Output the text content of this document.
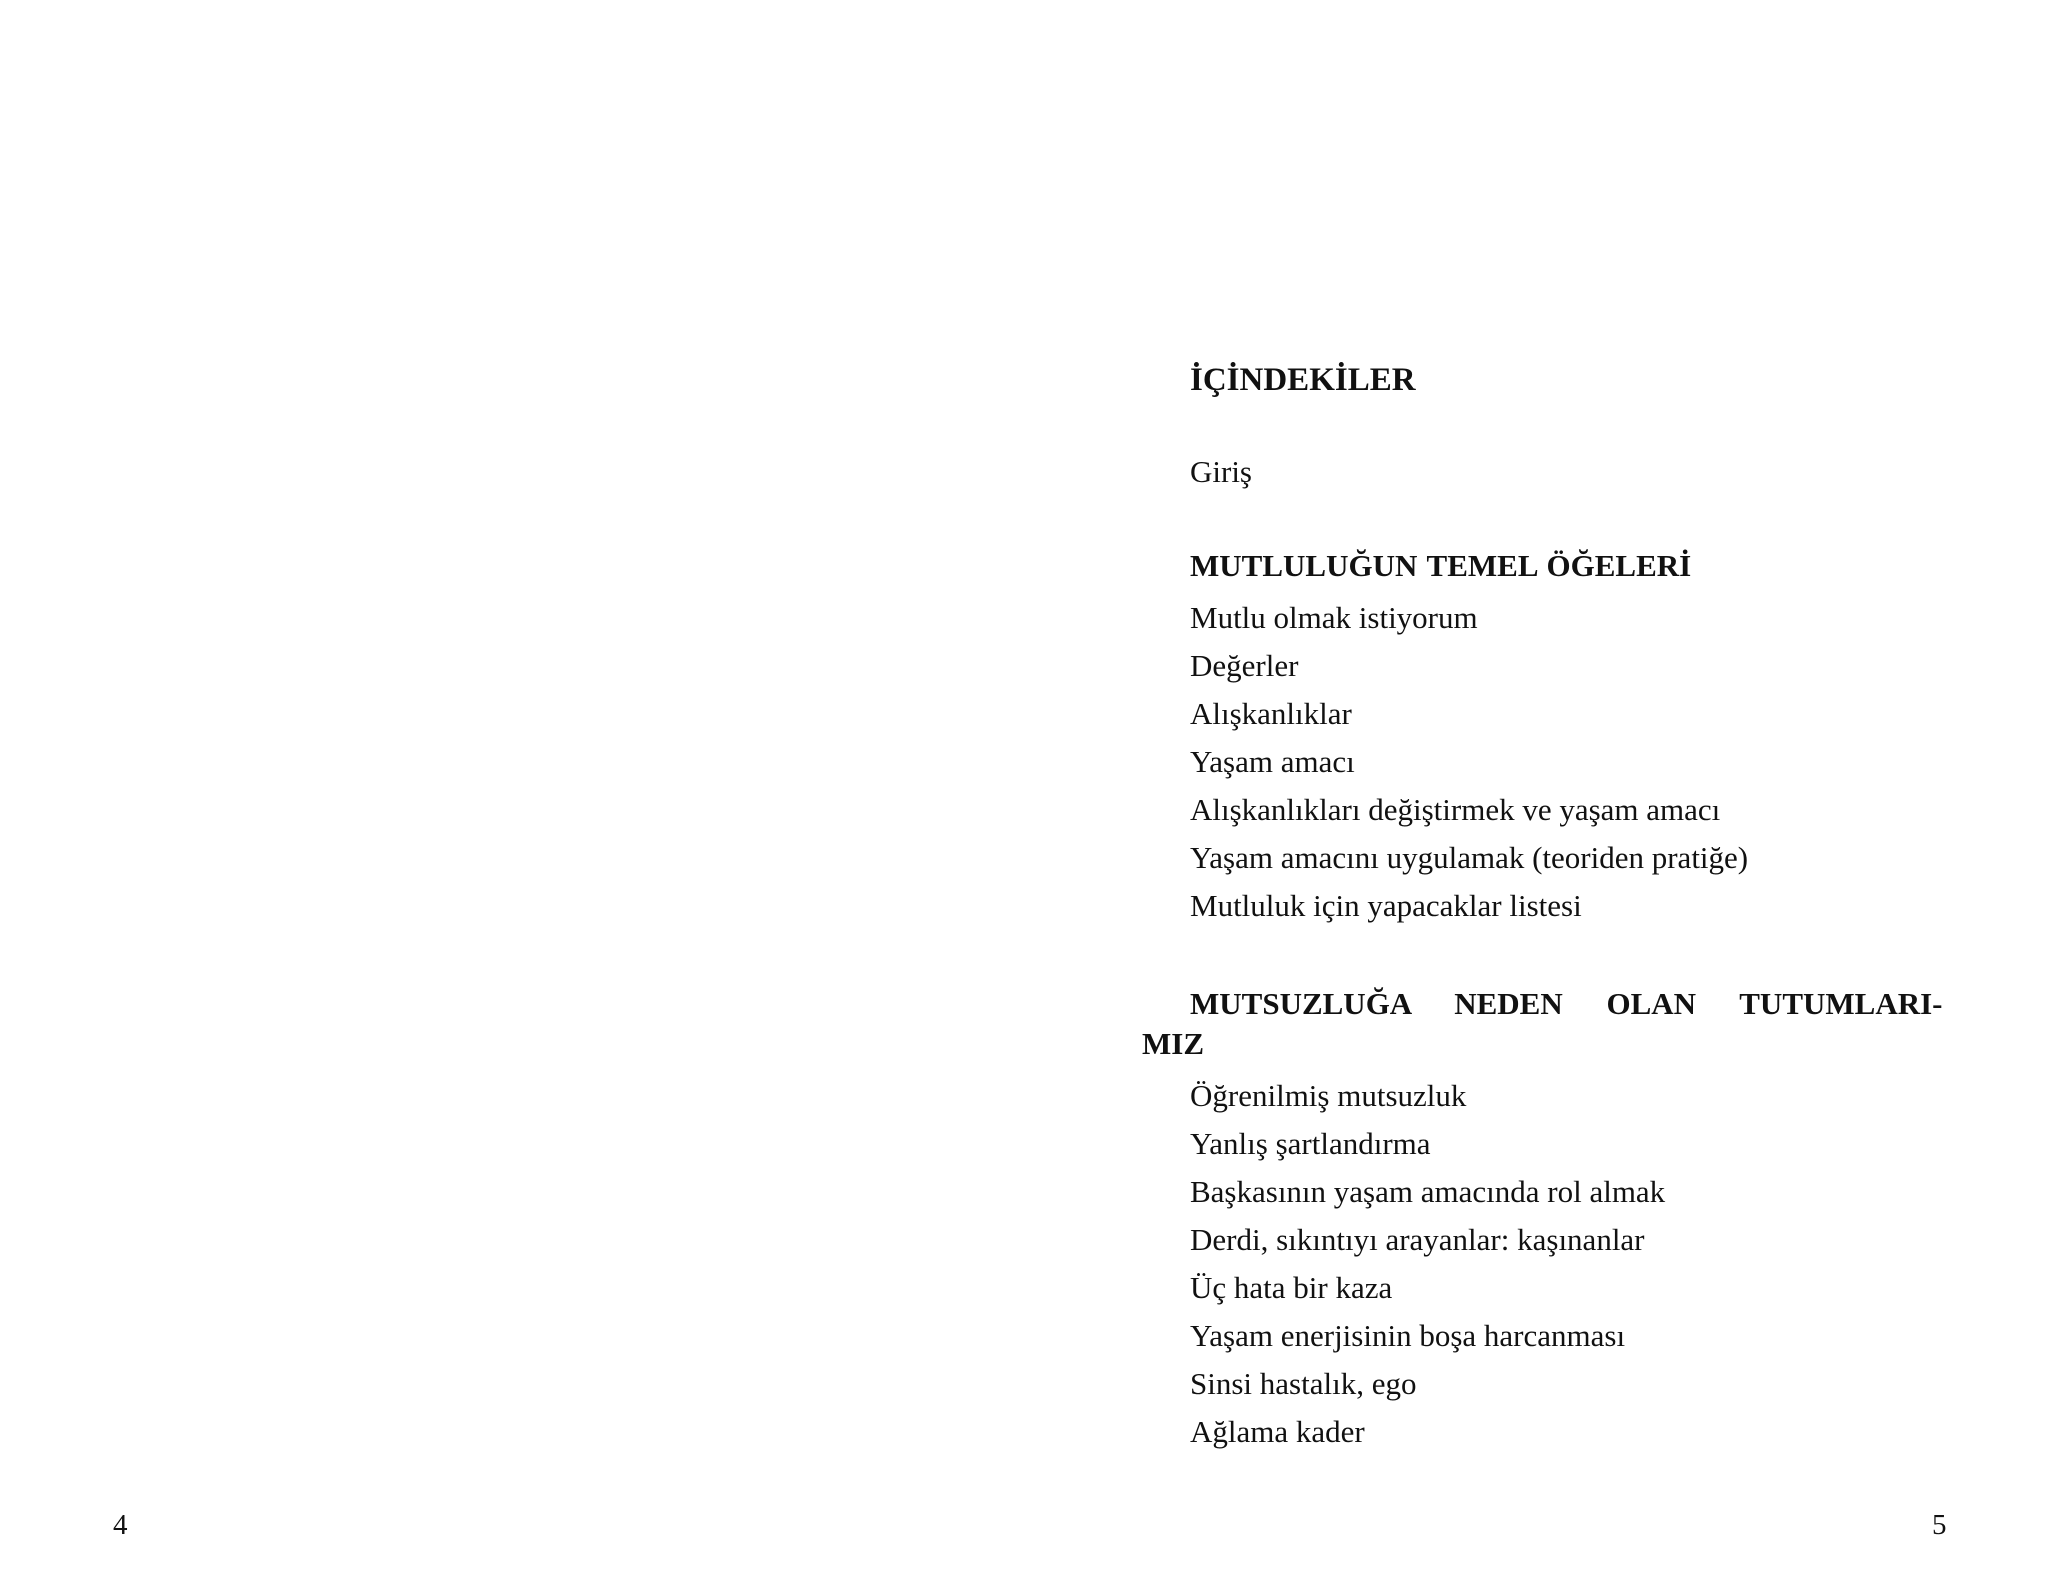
4
İÇİNDEKİLER
Giriş
MUTLULUĞUN TEMEL ÖĞELERİ
Mutlu olmak istiyorum
Değerler
Alışkanlıklar
Yaşam amacı
Alışkanlıkları değiştirmek ve yaşam amacı
Yaşam amacını uygulamak (teoriden pratiğe)
Mutluluk için yapacaklar listesi
MUTSUZLUĞA NEDEN OLAN TUTUMLARI-
MIZ
Öğrenilmiş mutsuzluk
Yanlış şartlandırma
Başkasının yaşam amacında rol almak
Derdi, sıkıntıyı arayanlar: kaşınanlar
Üç hata bir kaza
Yaşam enerjisinin boşa harcanması
Sinsi hastalık, ego
Ağlama kader
5
